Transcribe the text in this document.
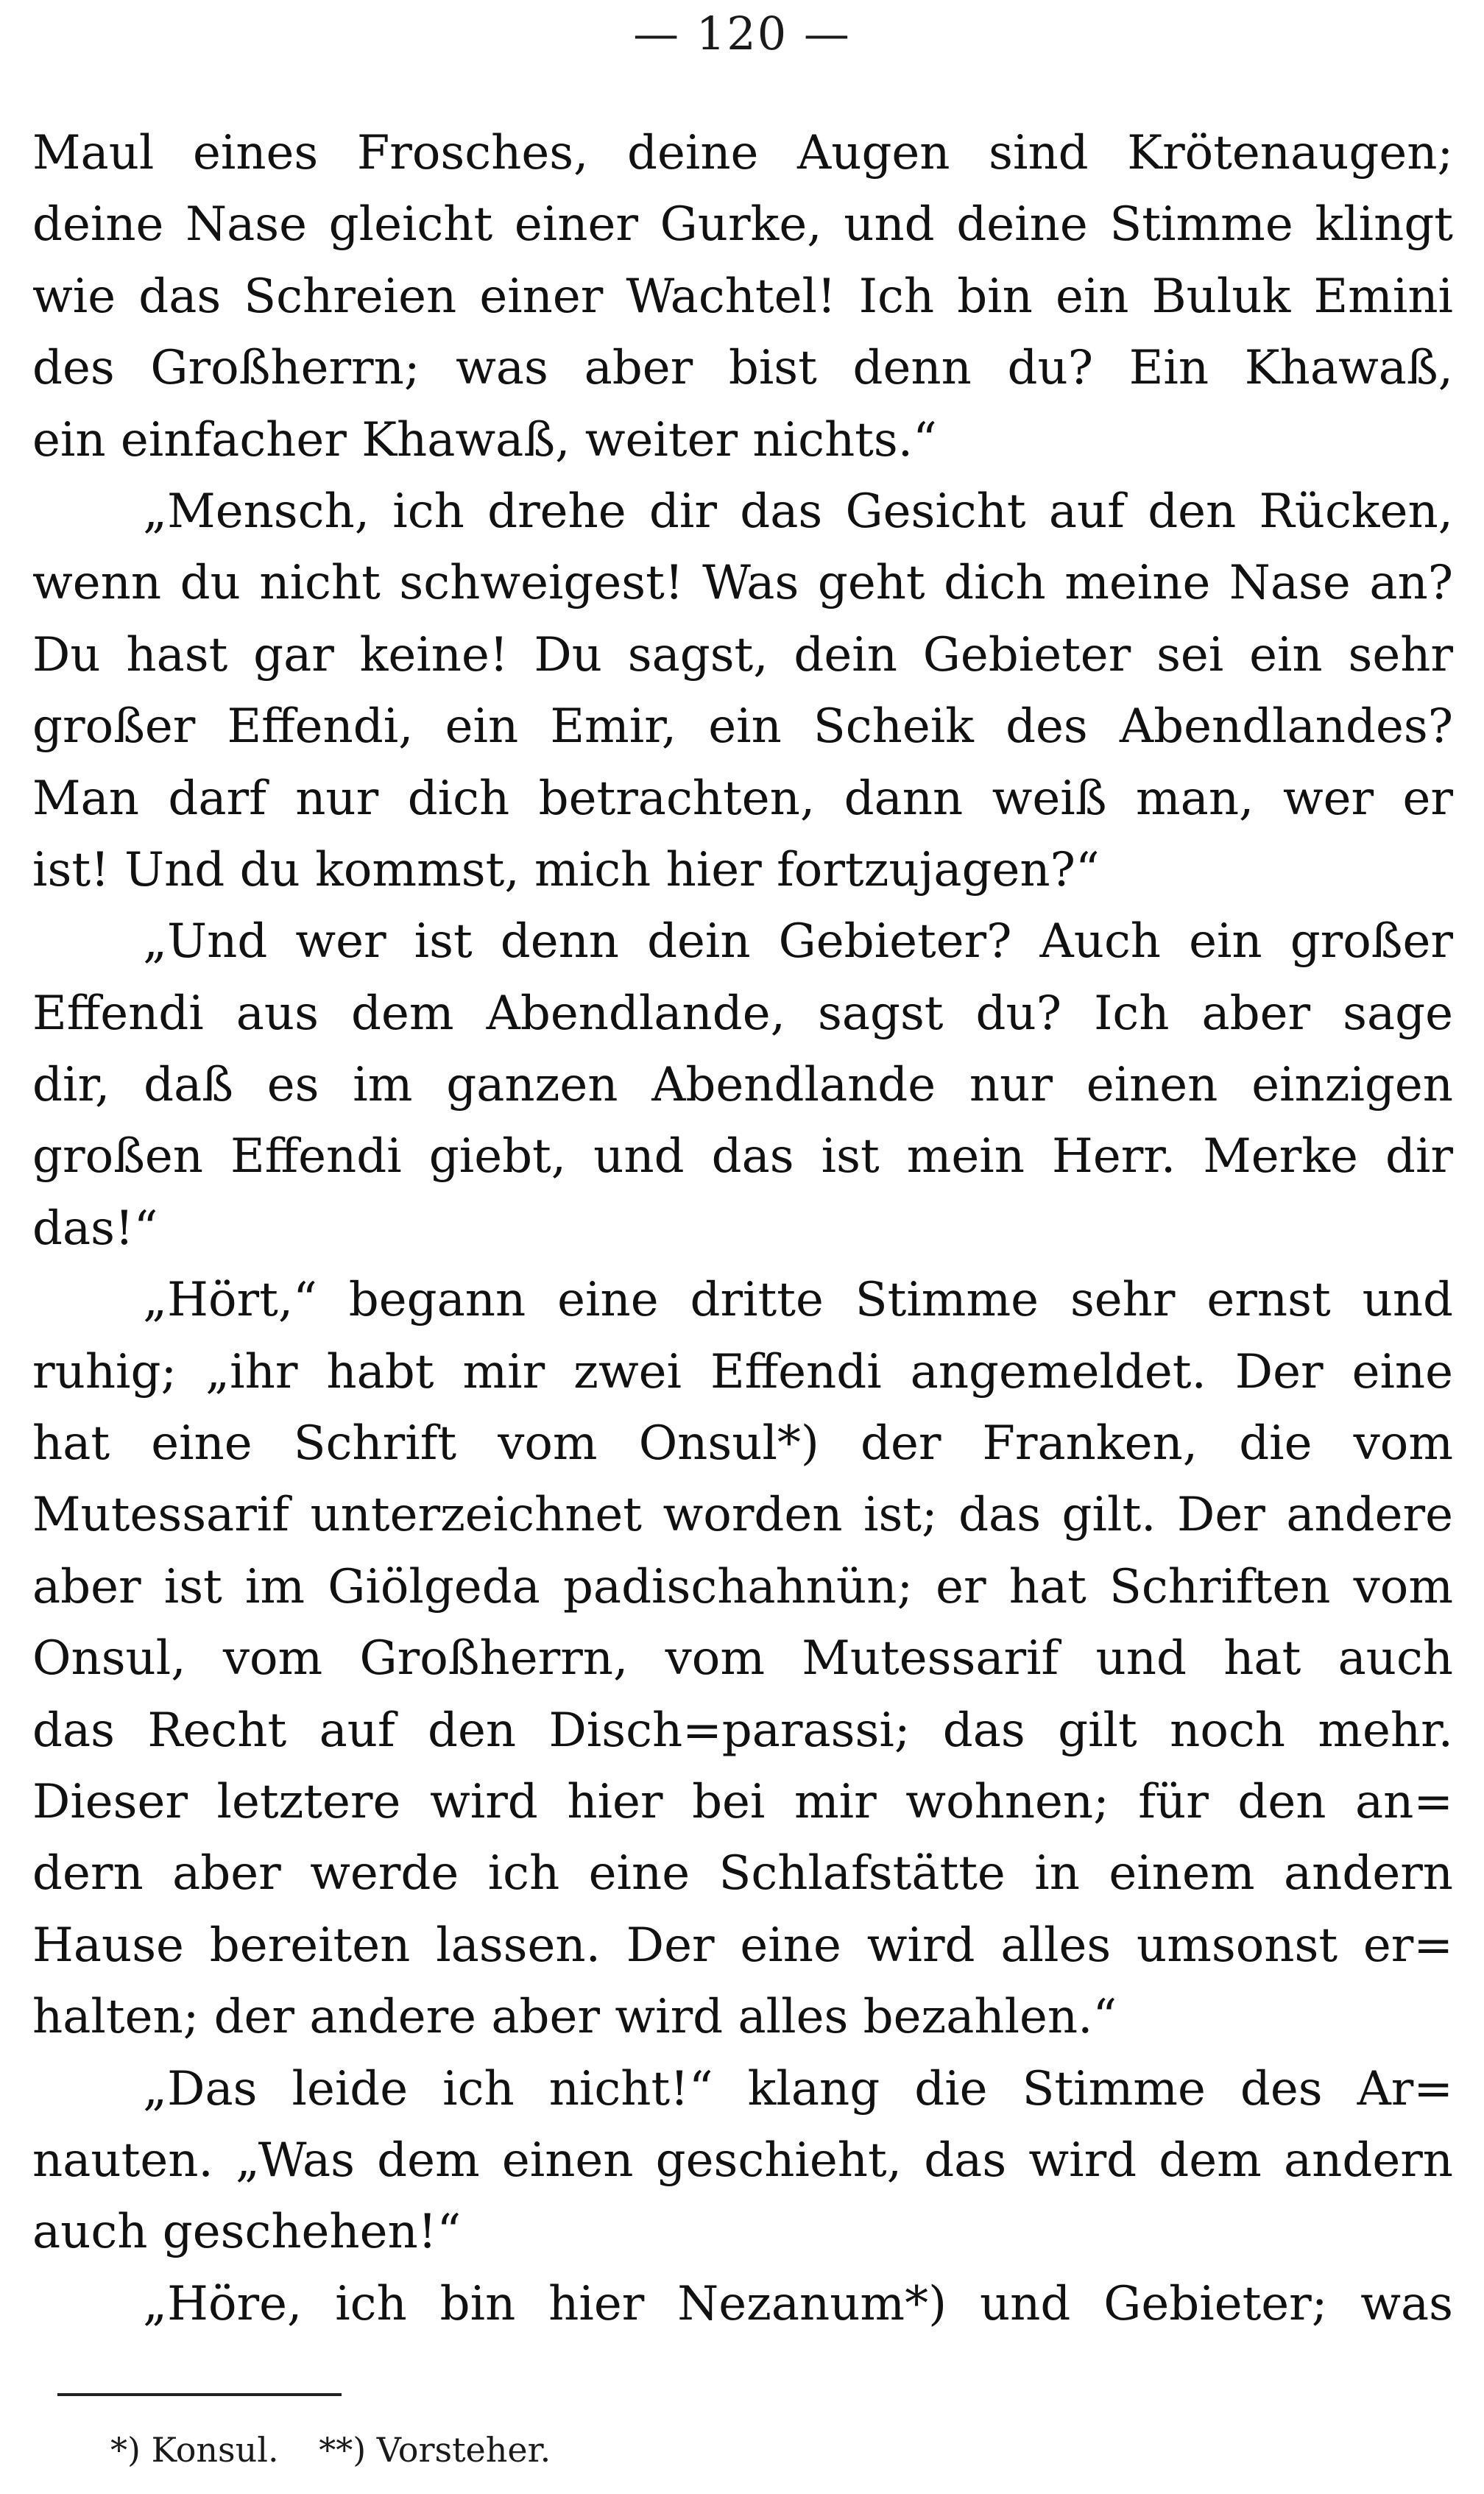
— 120 —
Maul eines Frosches, deine Augen sind Krötenaugen;
deine Nase gleicht einer Gurke, und deine Stimme klingt
wie das Schreien einer Wachtel! Ich bin ein Buluk Emini
des Großherrn; was aber bist denn du? Ein Khawaß,
ein einfacher Khawaß, weiter nichts.“
„Mensch, ich drehe dir das Gesicht auf den Rücken,
wenn du nicht schweigest! Was geht dich meine Nase an?
Du hast gar keine! Du sagst, dein Gebieter sei ein sehr
großer Effendi, ein Emir, ein Scheik des Abendlandes?
Man darf nur dich betrachten, dann weiß man, wer er
ist! Und du kommst, mich hier fortzujagen?“
„Und wer ist denn dein Gebieter? Auch ein großer
Effendi aus dem Abendlande, sagst du? Ich aber sage
dir, daß es im ganzen Abendlande nur einen einzigen
großen Effendi giebt, und das ist mein Herr. Merke dir
das!“
„Hört,“ begann eine dritte Stimme sehr ernst und
ruhig; „ihr habt mir zwei Effendi angemeldet. Der eine
hat eine Schrift vom Onsul*) der Franken, die vom
Mutessarif unterzeichnet worden ist; das gilt. Der andere
aber ist im Giölgeda padischahnün; er hat Schriften vom
Onsul, vom Großherrn, vom Mutessarif und hat auch
das Recht auf den Disch=parassi; das gilt noch mehr.
Dieser letztere wird hier bei mir wohnen; für den an=
dern aber werde ich eine Schlafstätte in einem andern
Hause bereiten lassen. Der eine wird alles umsonst er=
halten; der andere aber wird alles bezahlen.“
„Das leide ich nicht!“ klang die Stimme des Ar=
nauten. „Was dem einen geschieht, das wird dem andern
auch geschehen!“
„Höre, ich bin hier Nezanum*) und Gebieter; was
*) Konsul. **) Vorsteher.
